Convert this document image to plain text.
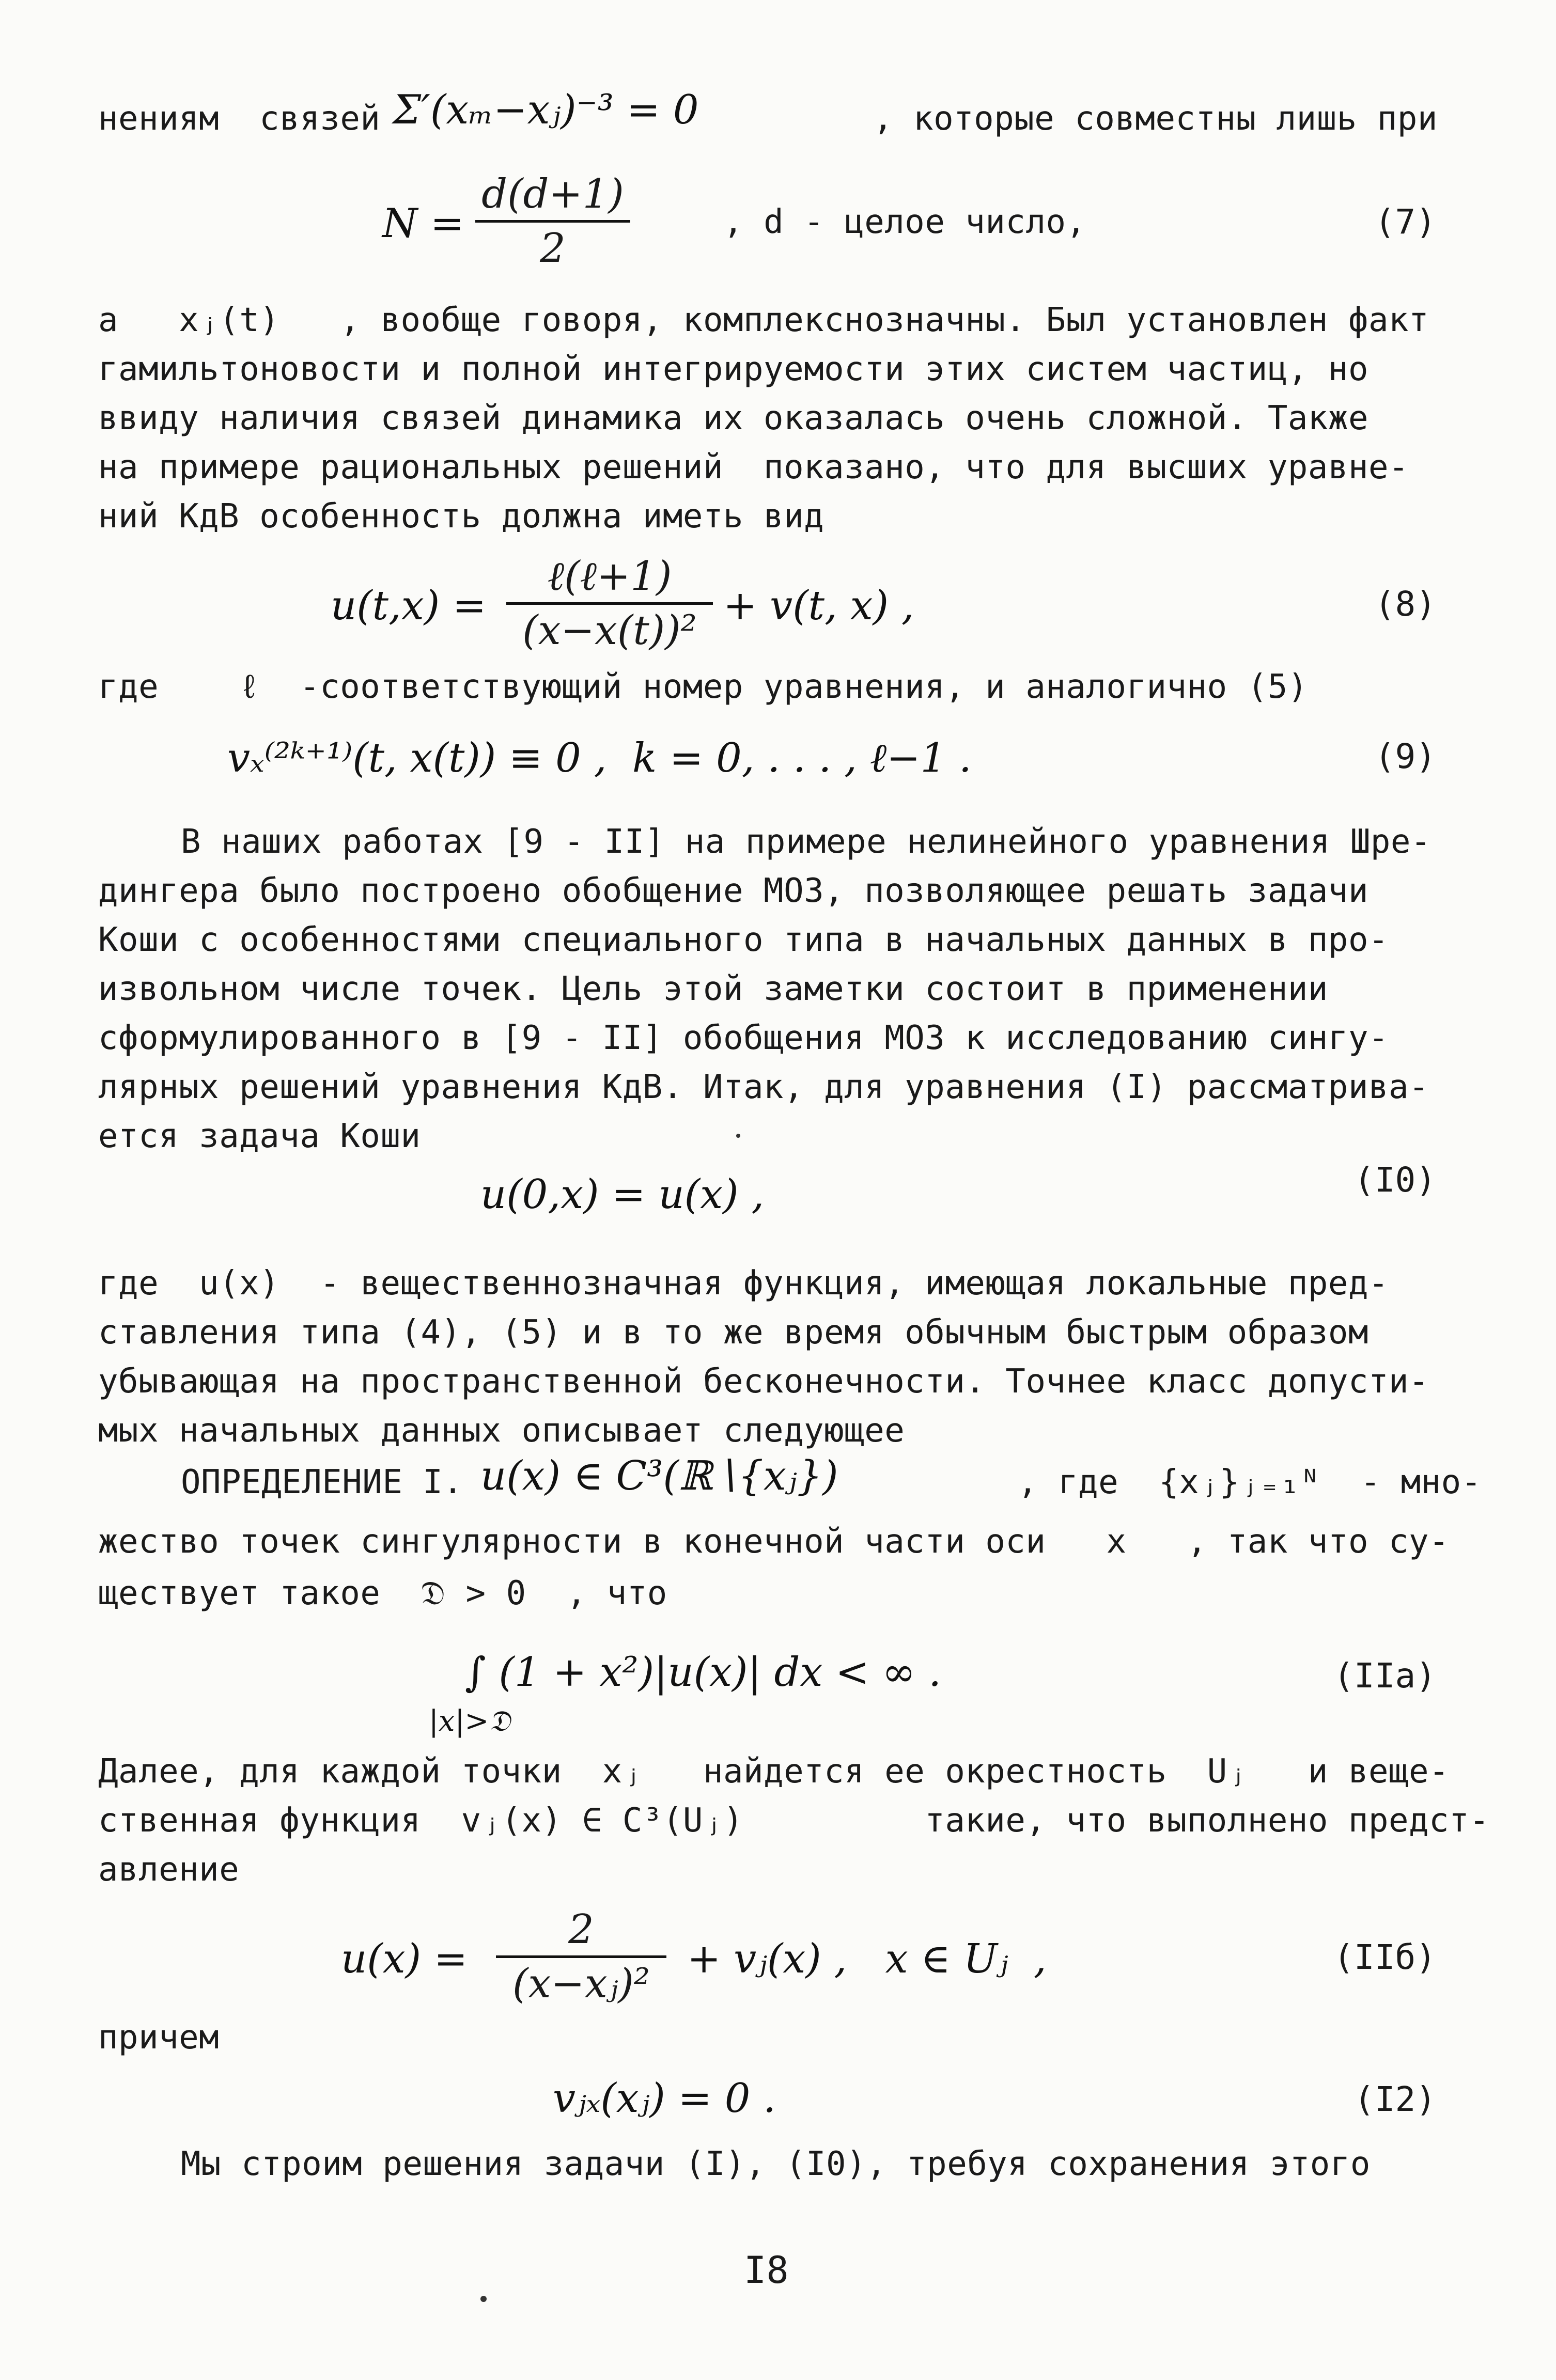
нениям  связей Σ′(xₘ−xⱼ)⁻³ = 0	, которые совместны лишь при
N =
d(d+1)
2
, d - целое число,	(7)
а   xⱼ(t)   , вообще говоря, комплекснозначны. Был установлен факт
гамильтоновости и полной интегрируемости этих систем частиц, но
ввиду наличия связей динамика их оказалась очень сложной. Также
на примере рациональных решений  показано, что для высших уравне-
ний КдВ особенность должна иметь вид
u(t,x) =
ℓ(ℓ+1)
(x−x(t))²
+ v(t, x) ,	(8)
где    ℓ  -соответствующий номер уравнения, и аналогично (5)
vₓ⁽²ᵏ⁺¹⁾(t, x(t)) ≡ 0 ,  k = 0, . . . , ℓ−1 .	(9)
В наших работах [9 - II] на примере нелинейного уравнения Шре-
дингера было построено обобщение МОЗ, позволяющее решать задачи
Коши с особенностями специального типа в начальных данных в про-
извольном числе точек. Цель этой заметки состоит в применении
сформулированного в [9 - II] обобщения МОЗ к исследованию сингу-
лярных решений уравнения КдВ. Итак, для уравнения (I) рассматрива-
ется задача Коши
u(0,x) = u(x) ,	(I0)
где  u(x)  - вещественнозначная функция, имеющая локальные пред-
ставления типа (4), (5) и в то же время обычным быстрым образом
убывающая на пространственной бесконечности. Точнее класс допусти-
мых начальных данных описывает следующее
ОПРЕДЕЛЕНИЕ I. u(x) ∈ C³(ℝ∖{xⱼ})	, где  {xⱼ}ⱼ₌₁ᴺ  - мно-
жество точек сингулярности в конечной части оси   x   , так что су-
ществует такое  𝔇 > 0  , что
∫ (1 + x²)|u(x)| dx < ∞ .
|x|>𝔇
(IIa)
Далее, для каждой точки  xⱼ   найдется ее окрестность  Uⱼ   и веще-
ственная функция  vⱼ(x) ∈ C³(Uⱼ)         такие, что выполнено предст-
авление
u(x) =
2
(x−xⱼ)²
+ vⱼ(x) ,   x ∈ Uⱼ  ,	(IIб)
причем
vⱼₓ(xⱼ) = 0 .	(I2)
Мы строим решения задачи (I), (I0), требуя сохранения этого
I8
